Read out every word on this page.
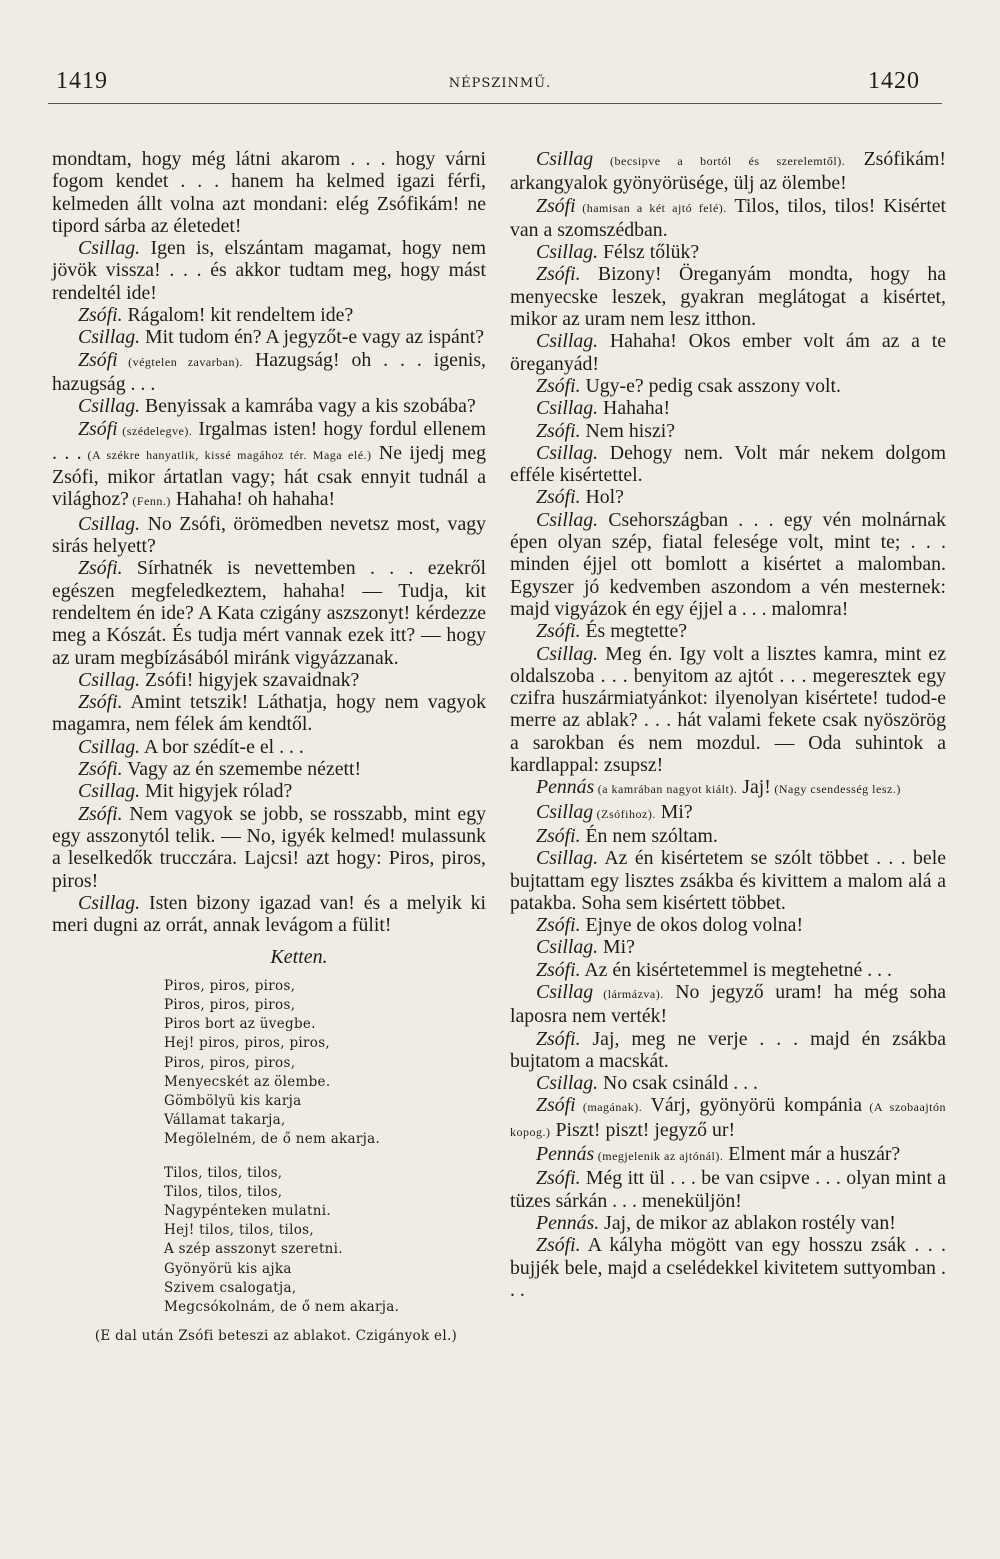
1419	NÉPSZINMŰ.	1420

mondtam, hogy még látni akarom . . . hogy várni fogom kendet . . . hanem ha kelmed igazi férfi, kelmeden állt volna azt mondani: elég Zsófikám! ne tipord sárba az életedet!

Csillag. Igen is, elszántam magamat, hogy nem jövök vissza! . . . és akkor tudtam meg, hogy mást rendeltél ide!

Zsófi. Rágalom! kit rendeltem ide?

Csillag. Mit tudom én? A jegyzőt-e vagy az ispánt?

Zsófi (végtelen zavarban). Hazugság! oh . . . igenis, hazugság . . .

Csillag. Benyissak a kamrába vagy a kis szobába?

Zsófi (szédelegve). Irgalmas isten! hogy fordul ellenem . . . (A székre hanyatlik, kissé magához tér. Maga elé.) Ne ijedj meg Zsófi, mikor ártatlan vagy; hát csak ennyit tudnál a világhoz? (Fenn.) Hahaha! oh hahaha!

Csillag. No Zsófi, örömedben nevetsz most, vagy sirás helyett?

Zsófi. Sírhatnék is nevettemben . . . ezekről egészen megfeledkeztem, hahaha! — Tudja, kit rendeltem én ide? A Kata czigány aszszonyt! kérdezze meg a Kószát. És tudja mért vannak ezek itt? — hogy az uram megbízásából miránk vigyázzanak.

Csillag. Zsófi! higyjek szavaidnak?

Zsófi. Amint tetszik! Láthatja, hogy nem vagyok magamra, nem félek ám kendtől.

Csillag. A bor szédít-e el . . .

Zsófi. Vagy az én szemembe nézett!

Csillag. Mit higyjek rólad?

Zsófi. Nem vagyok se jobb, se rosszabb, mint egy egy asszonytól telik. — No, igyék kelmed! mulassunk a leselkedők trucczára. Lajcsi! azt hogy: Piros, piros, piros!

Csillag. Isten bizony igazad van! és a melyik ki meri dugni az orrát, annak levágom a fülit!

Ketten.
Piros, piros, piros,
Piros, piros, piros,
Piros bort az üvegbe.
Hej! piros, piros, piros,
Piros, piros, piros,
Menyecskét az ölembe.
Gömbölyü kis karja
Vállamat takarja,
Megölelném, de ő nem akarja.
Tilos, tilos, tilos,
Tilos, tilos, tilos,
Nagypénteken mulatni.
Hej! tilos, tilos, tilos,
A szép asszonyt szeretni.
Gyönyörü kis ajka
Szivem csalogatja,
Megcsókolnám, de ő nem akarja.
(E dal után Zsófi beteszi az ablakot. Czigányok el.)

Csillag (becsipve a bortól és szerelemtől). Zsófikám! arkangyalok gyönyörüsége, ülj az ölembe!

Zsófi (hamisan a két ajtó felé). Tilos, tilos, tilos! Kisértet van a szomszédban.

Csillag. Félsz tőlük?

Zsófi. Bizony! Öreganyám mondta, hogy ha menyecske leszek, gyakran meglátogat a kisértet, mikor az uram nem lesz itthon.

Csillag. Hahaha! Okos ember volt ám az a te öreganyád!

Zsófi. Ugy-e? pedig csak asszony volt.

Csillag. Hahaha!

Zsófi. Nem hiszi?

Csillag. Dehogy nem. Volt már nekem dolgom efféle kisértettel.

Zsófi. Hol?

Csillag. Csehországban . . . egy vén molnárnak épen olyan szép, fiatal felesége volt, mint te; . . . minden éjjel ott bomlott a kisértet a malomban. Egyszer jó kedvemben aszondom a vén mesternek: majd vigyázok én egy éjjel a . . . malomra!

Zsófi. És megtette?

Csillag. Meg én. Igy volt a lisztes kamra, mint ez oldalszoba . . . benyitom az ajtót . . . megeresztek egy czifra huszármiatyánkot: ilyenolyan kisértete! tudod-e merre az ablak? . . . hát valami fekete csak nyöszörög a sarokban és nem mozdul. — Oda suhintok a kardlappal: zsupsz!

Pennás (a kamrában nagyot kiált). Jaj! (Nagy csendesség lesz.)

Csillag (Zsófihoz). Mi?

Zsófi. Én nem szóltam.

Csillag. Az én kisértetem se szólt többet . . . bele bujtattam egy lisztes zsákba és kivittem a malom alá a patakba. Soha sem kisértett többet.

Zsófi. Ejnye de okos dolog volna!

Csillag. Mi?

Zsófi. Az én kisértetemmel is megtehetné . . .

Csillag (lármázva). No jegyző uram! ha még soha laposra nem verték!

Zsófi. Jaj, meg ne verje . . . majd én zsákba bujtatom a macskát.

Csillag. No csak csináld . . .

Zsófi (magának). Várj, gyönyörü kompánia (A szobaajtón kopog.) Piszt! piszt! jegyző ur!

Pennás (megjelenik az ajtónál). Elment már a huszár?

Zsófi. Még itt ül . . . be van csipve . . . olyan mint a tüzes sárkán . . . meneküljön!

Pennás. Jaj, de mikor az ablakon rostély van!

Zsófi. A kályha mögött van egy hosszu zsák . . . bujjék bele, majd a cselédekkel kivitetem suttyomban . . .
